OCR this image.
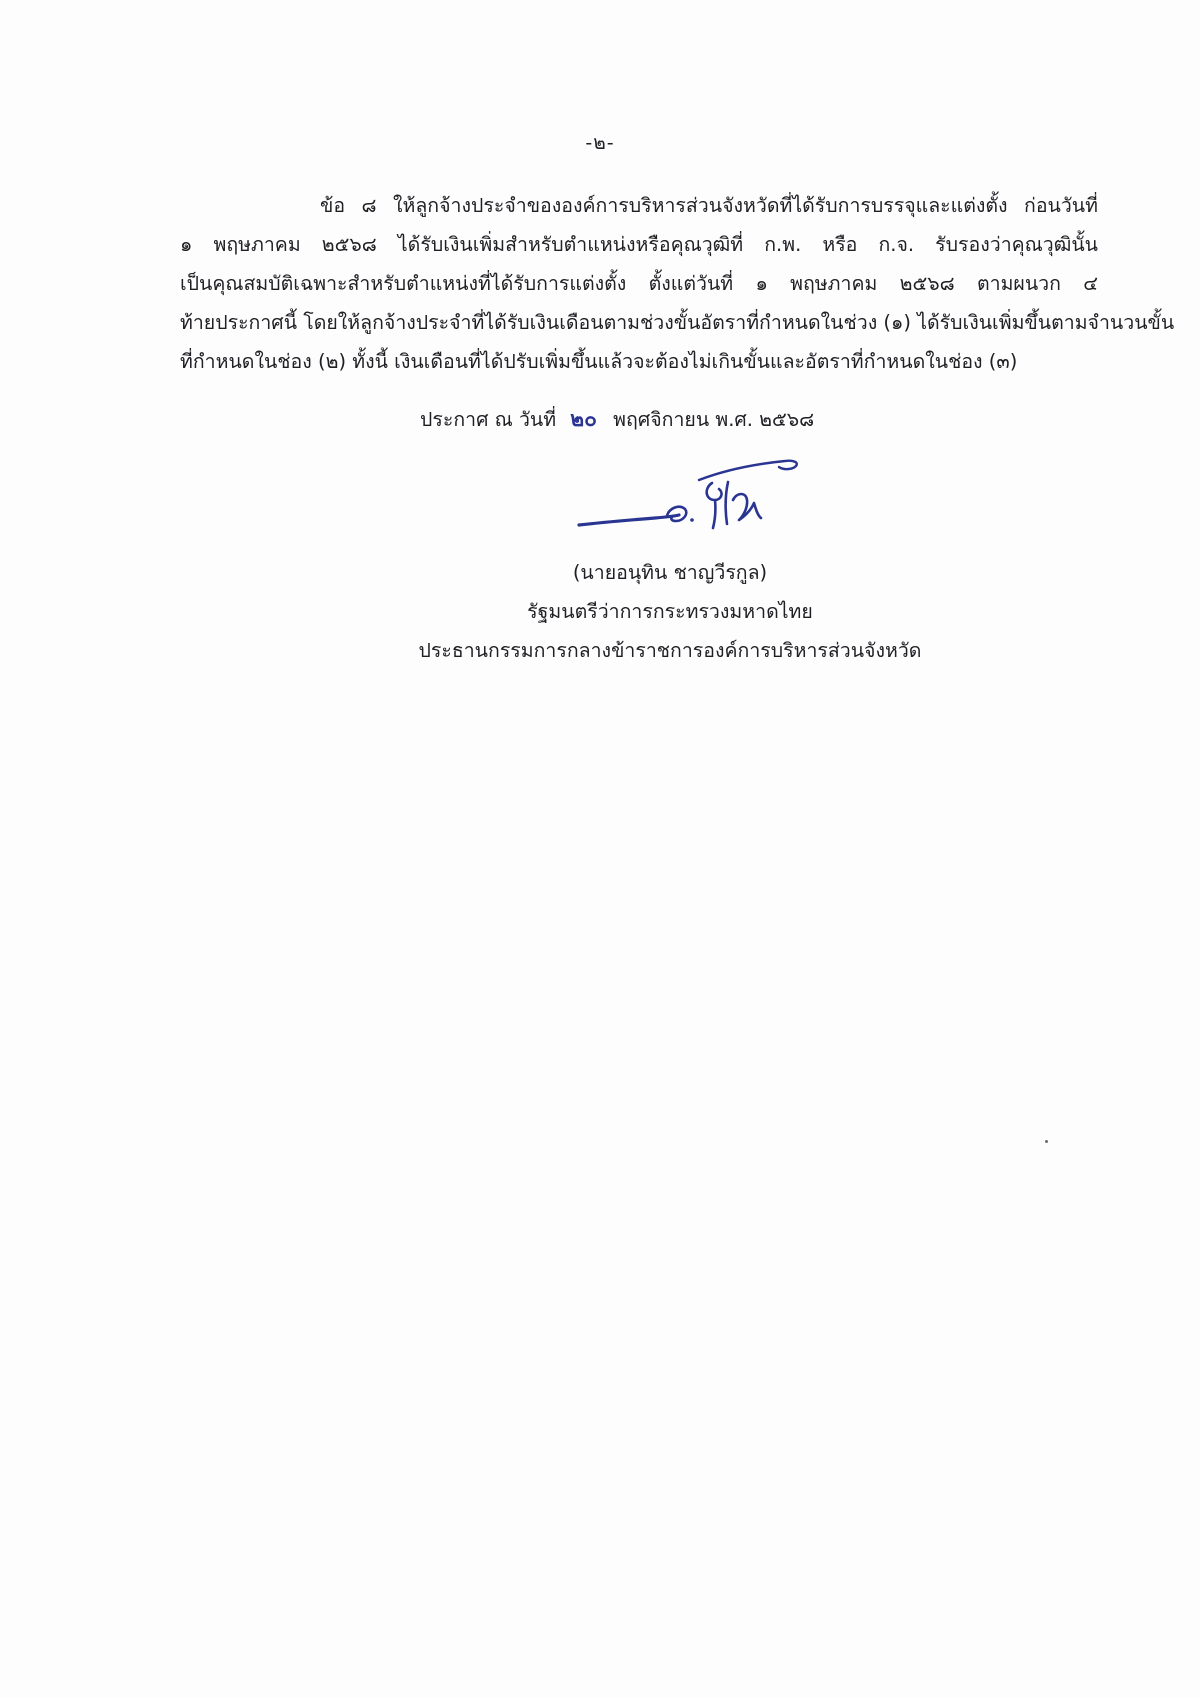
-๒-
ข้อ ๘ ให้ลูกจ้างประจำขององค์การบริหารส่วนจังหวัดที่ได้รับการบรรจุและแต่งตั้ง ก่อนวันที่
๑ พฤษภาคม ๒๕๖๘ ได้รับเงินเพิ่มสำหรับตำแหน่งหรือคุณวุฒิที่ ก.พ. หรือ ก.จ. รับรองว่าคุณวุฒินั้น
เป็นคุณสมบัติเฉพาะสำหรับตำแหน่งที่ได้รับการแต่งตั้ง ตั้งแต่วันที่ ๑ พฤษภาคม ๒๕๖๘ ตามผนวก ๔
ท้ายประกาศนี้ โดยให้ลูกจ้างประจำที่ได้รับเงินเดือนตามช่วงขั้นอัตราที่กำหนดในช่วง (๑) ได้รับเงินเพิ่มขึ้นตามจำนวนขั้น
ที่กำหนดในช่อง (๒) ทั้งนี้ เงินเดือนที่ได้ปรับเพิ่มขึ้นแล้วจะต้องไม่เกินขั้นและอัตราที่กำหนดในช่อง (๓)
ประกาศ ณ วันที่ ๒๐ พฤศจิกายน พ.ศ. ๒๕๖๘
(นายอนุทิน ชาญวีรกูล)
รัฐมนตรีว่าการกระทรวงมหาดไทย
ประธานกรรมการกลางข้าราชการองค์การบริหารส่วนจังหวัด
